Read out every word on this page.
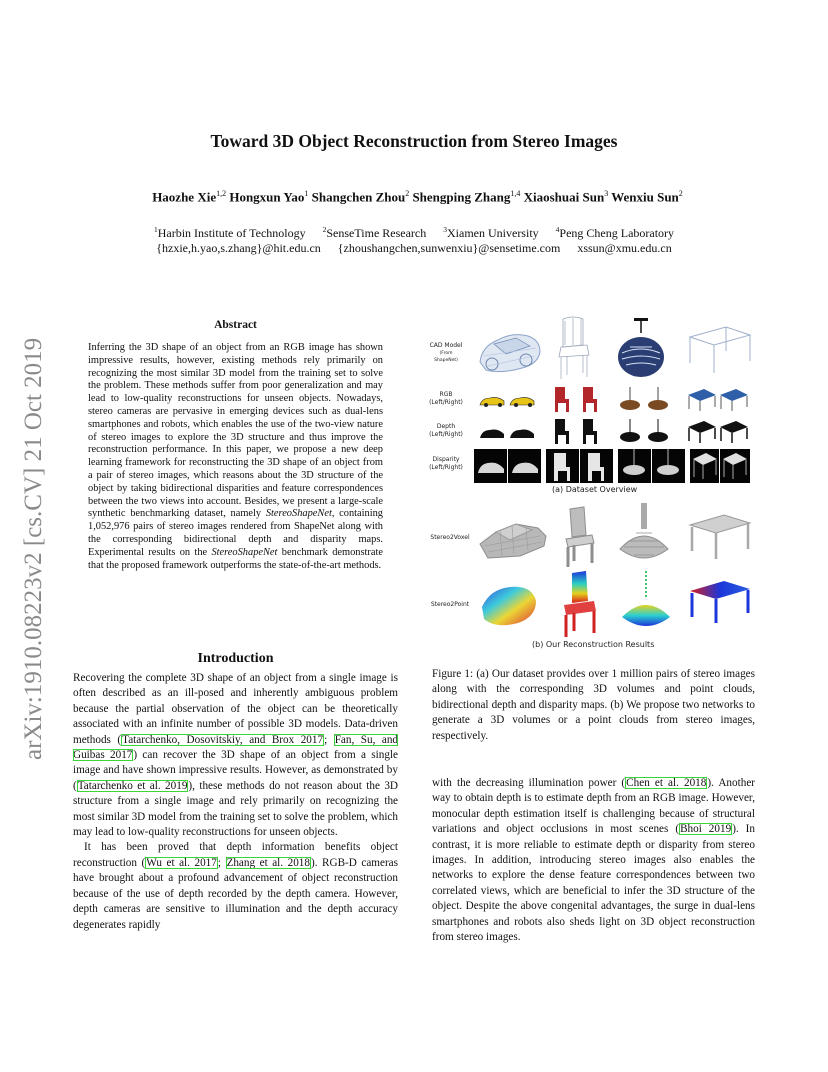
Toward 3D Object Reconstruction from Stereo Images
Haozhe Xie$^{1,2}$ Hongxun Yao$^1$ Shangchen Zhou$^2$ Shengping Zhang$^{1,4}$ Xiaoshuai Sun$^3$ Wenxiu Sun$^2$
$^1$Harbin Institute of Technology $^2$SenseTime Research $^3$Xiamen University $^4$Peng Cheng Laboratory
{hzxie,h.yao,s.zhang}@hit.edu.cn {zhoushangchen,sunwenxiu}@sensetime.com xssun@xmu.edu.cn
arXiv:1910.08223v2 [cs.CV] 21 Oct 2019
Abstract
Inferring the 3D shape of an object from an RGB image has shown impressive results, however, existing methods rely primarily on recognizing the most similar 3D model from the training set to solve the problem. These methods suffer from poor generalization and may lead to low-quality reconstructions for unseen objects. Nowadays, stereo cameras are pervasive in emerging devices such as dual-lens smartphones and robots, which enables the use of the two-view nature of stereo images to explore the 3D structure and thus improve the reconstruction performance. In this paper, we propose a new deep learning framework for reconstructing the 3D shape of an object from a pair of stereo images, which reasons about the 3D structure of the object by taking bidirectional disparities and feature correspondences between the two views into account. Besides, we present a large-scale synthetic benchmarking dataset, namely StereoShapeNet, containing 1,052,976 pairs of stereo images rendered from ShapeNet along with the corresponding bidirectional depth and disparity maps. Experimental results on the StereoShapeNet benchmark demonstrate that the proposed framework outperforms the state-of-the-art methods.
Introduction

Recovering the complete 3D shape of an object from a single image is often described as an ill-posed and inherently ambiguous problem because the partial observation of the object can be theoretically associated with an infinite number of possible 3D models. Data-driven methods (Tatarchenko, Dosovitskiy, and Brox 2017; Fan, Su, and Guibas 2017) can recover the 3D shape of an object from a single image and have shown impressive results. However, as demonstrated by (Tatarchenko et al. 2019), these methods do not reason about the 3D structure from a single image and rely primarily on recognizing the most similar 3D model from the training set to solve the problem, which may lead to low-quality reconstructions for unseen objects.

It has been proved that depth information benefits object reconstruction (Wu et al. 2017; Zhang et al. 2018). RGB-D cameras have brought about a profound advancement of object reconstruction because of the use of depth recorded by the depth camera. However, depth cameras are sensitive to illumination and the depth accuracy degenerates rapidly

with the decreasing illumination power (Chen et al. 2018). Another way to obtain depth is to estimate depth from an RGB image. However, monocular depth estimation itself is challenging because of structural variations and object occlusions in most scenes (Bhoi 2019). In contrast, it is more reliable to estimate depth or disparity from stereo images. In addition, introducing stereo images also enables the networks to explore the dense feature correspondences between two correlated views, which are beneficial to infer the 3D structure of the object. Despite the above congenital advantages, the surge in dual-lens smartphones and robots also sheds light on 3D object reconstruction from stereo images.

CAD Model
(From ShapeNet)
RGB
(Left/Right)
Depth
(Left/Right)
Disparity
(Left/Right)
Stereo2Voxel
Stereo2Point
(a) Dataset Overview
(b) Our Reconstruction Results
Figure 1: (a) Our dataset provides over 1 million pairs of stereo images along with the corresponding 3D volumes and point clouds, bidirectional depth and disparity maps. (b) We propose two networks to generate a 3D volumes or a point clouds from stereo images, respectively.
